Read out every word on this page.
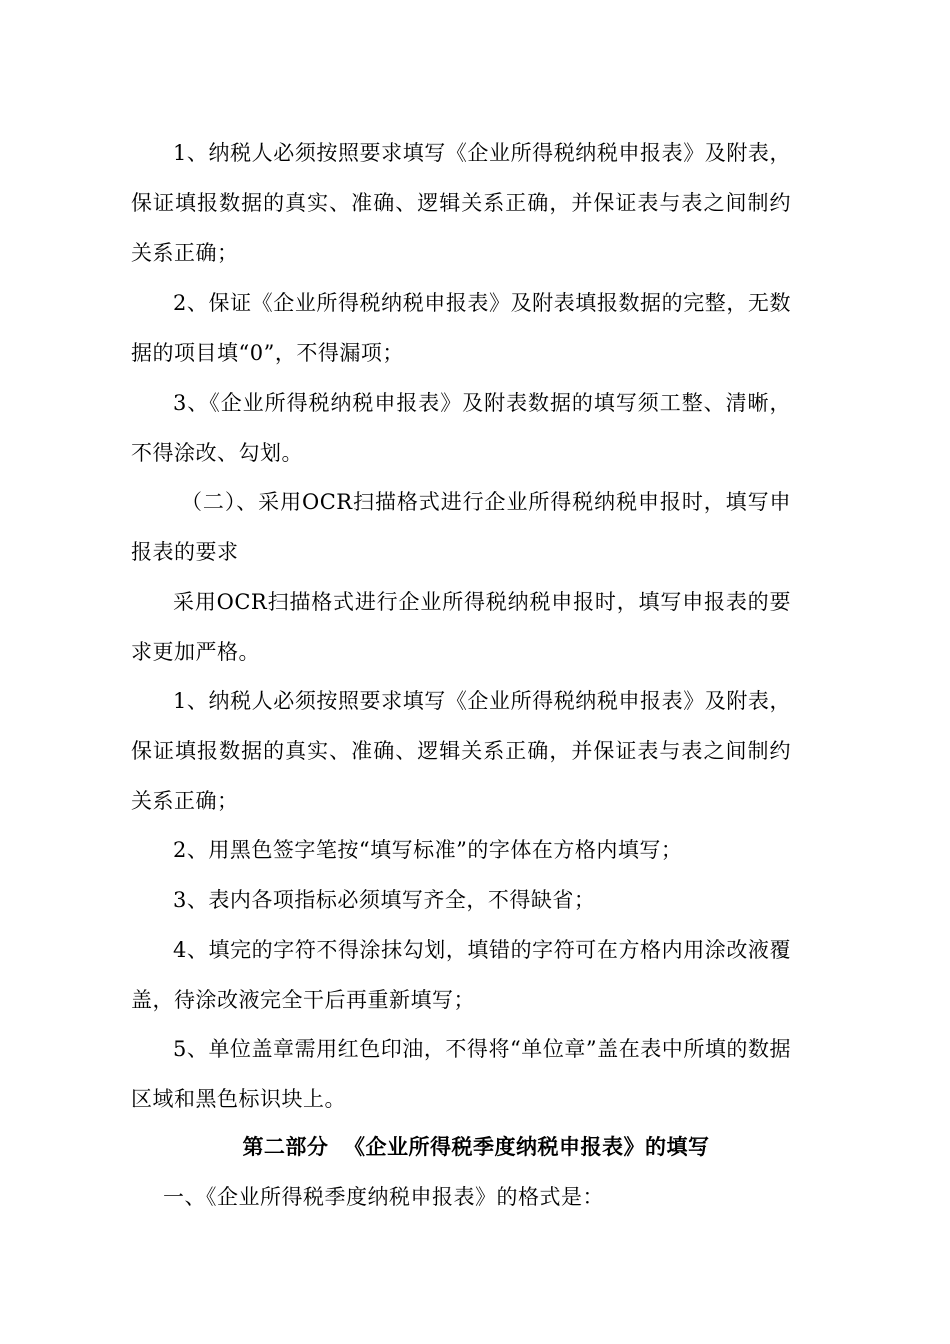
1、纳税人必须按照要求填写《企业所得税纳税申报表》及附表，保证填报数据的真实、准确、逻辑关系正确，并保证表与表之间制约关系正确；

2、保证《企业所得税纳税申报表》及附表填报数据的完整，无数据的项目填“0”，不得漏项；

3、《企业所得税纳税申报表》及附表数据的填写须工整、清晰，不得涂改、勾划。

（二）、采用OCR扫描格式进行企业所得税纳税申报时，填写申报表的要求

采用OCR扫描格式进行企业所得税纳税申报时，填写申报表的要求更加严格。

1、纳税人必须按照要求填写《企业所得税纳税申报表》及附表，保证填报数据的真实、准确、逻辑关系正确，并保证表与表之间制约关系正确；

2、用黑色签字笔按“填写标准”的字体在方格内填写；

3、表内各项指标必须填写齐全，不得缺省；

4、填完的字符不得涂抹勾划，填错的字符可在方格内用涂改液覆盖，待涂改液完全干后再重新填写；

5、单位盖章需用红色印油，不得将“单位章”盖在表中所填的数据区域和黑色标识块上。

第二部分  《企业所得税季度纳税申报表》的填写

一、《企业所得税季度纳税申报表》的格式是：
